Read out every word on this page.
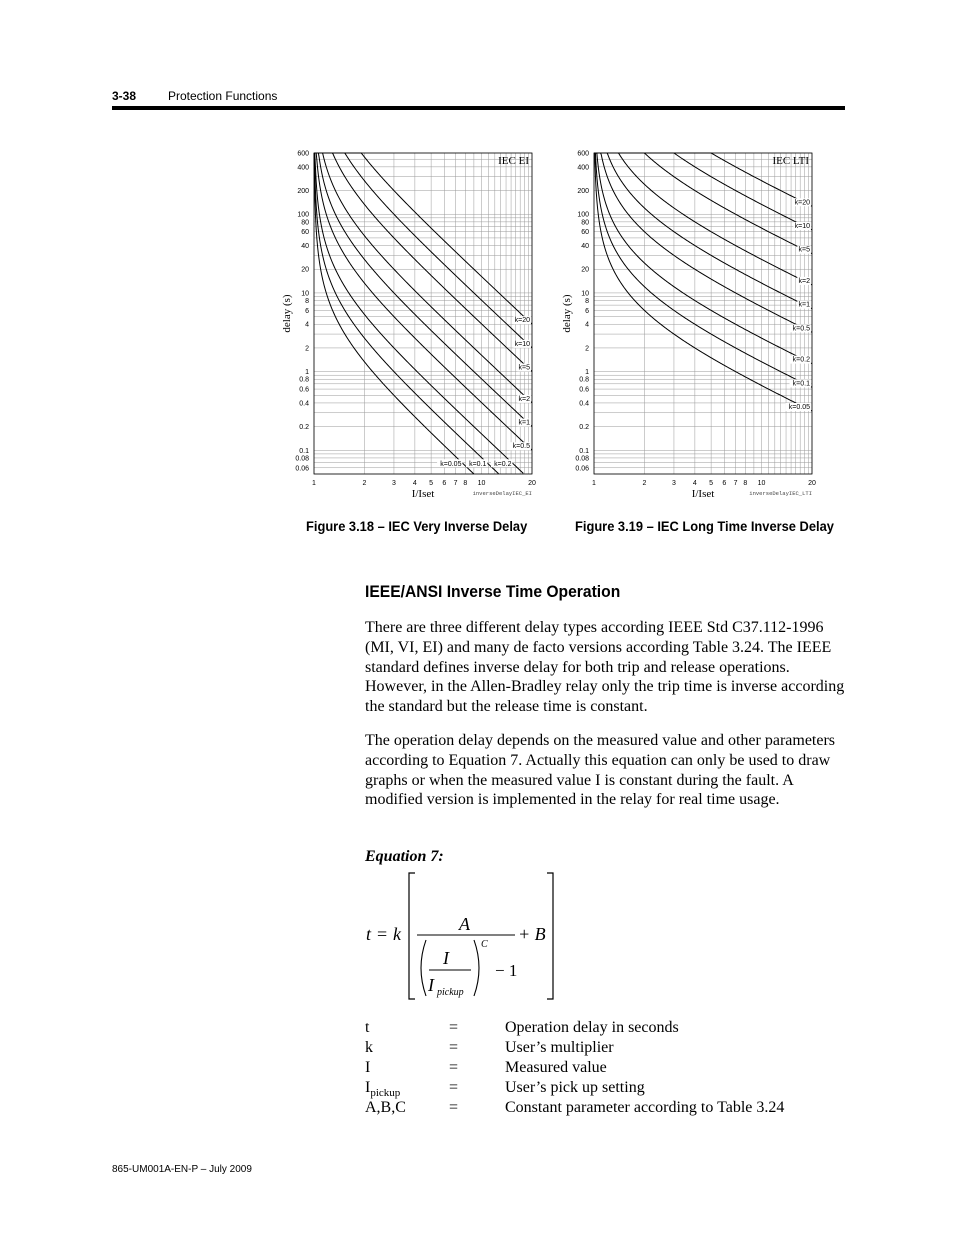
3-38	Protection Functions
0.06
0.08
0.1
0.2
0.4
0.6
0.8
1
2
4
6
8
10
20
40
60
80
100
200
400
600
1	2	3 4 5 6 7 8 10	20
I/Iset
delay (s)
IEC EI
inverseDelayIEC_EI
k=0.5
k=1
k=2
k=5
k=10
k=20
k=0.05 k=0.1 k=0.2
0.06
0.08
0.1
0.2
0.4
0.6
0.8
1
2
4
6
8
10
20
40
60
80
100
200
400
600
1	2	3 4 5 6 7 8 10	20
I/Iset
delay (s)
IEC LTI
inverseDelayIEC_LTI
k=0.05
k=0.1
k=0.2
k=0.5
k=1
k=2
k=5
k=10
k=20
Figure 3.18 – IEC Very Inverse Delay	Figure 3.19 – IEC Long Time Inverse Delay
IEEE/ANSI Inverse Time Operation

There are three different delay types according IEEE Std C37.112-1996 (MI, VI, EI) and many de facto versions according Table 3.24. The IEEE standard defines inverse delay for both trip and release operations. However, in the Allen-Bradley relay only the trip time is inverse according the standard but the release time is constant.

The operation delay depends on the measured value and other parameters according to Equation 7. Actually this equation can only be used to draw graphs or when the measured value I is constant during the fault. A modified version is implemented in the relay for real time usage.

Equation 7:
t = k	A
I
I pickup
C
− 1
+ B
t	=	Operation delay in seconds
k	=	User’s multiplier
I	=	Measured value
$I_{pickup}$	=	User’s pick up setting
A,B,C	=	Constant parameter according to Table 3.24
865-UM001A-EN-P – July 2009
